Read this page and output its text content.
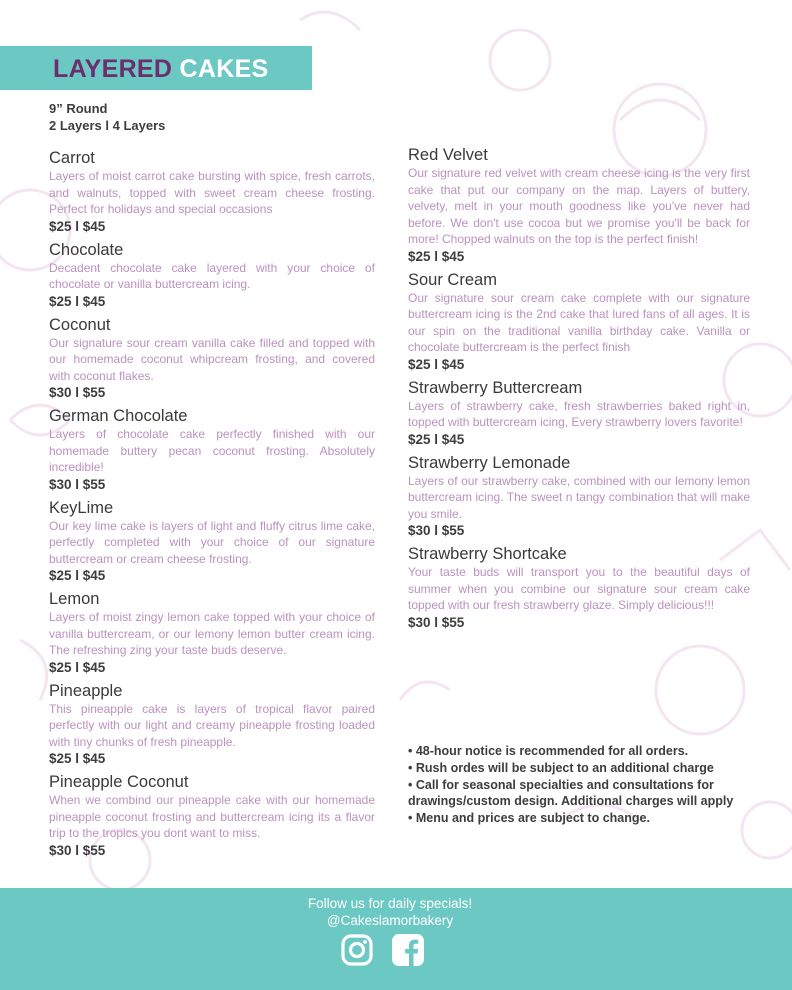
LAYERED CAKES
9” Round
2 Layers l 4 Layers
Carrot

Layers of moist carrot cake bursting with spice, fresh carrots, and walnuts, topped with sweet cream cheese frosting. Perfect for holidays and special occasions

$25 l $45

Chocolate

Decadent chocolate cake layered with your choice of chocolate or vanilla buttercream icing.

$25 l $45

Coconut

Our signature sour cream vanilla cake filled and topped with our homemade coconut whipcream frosting, and covered with coconut flakes.

$30 l $55

German Chocolate

Layers of chocolate cake perfectly finished with our homemade buttery pecan coconut frosting. Absolutely incredible!

$30 l $55

KeyLime

Our key lime cake is layers of light and fluffy citrus lime cake, perfectly completed with your choice of our signature buttercream or cream cheese frosting.

$25 l $45

Lemon

Layers of moist zingy lemon cake topped with your choice of vanilla buttercream, or our lemony lemon butter cream icing. The refreshing zing your taste buds deserve.

$25 l $45

Pineapple

This pineapple cake is layers of tropical flavor paired perfectly with our light and creamy pineapple frosting loaded with tiny chunks of fresh pineapple.

$25 l $45

Pineapple Coconut

When we combind our pineapple cake with our homemade pineapple coconut frosting and buttercream icing its a flavor trip to the tropics you dont want to miss.

$30 l $55

Red Velvet

Our signature red velvet with cream cheese icing is the very first cake that put our company on the map. Layers of buttery, velvety, melt in your mouth goodness like you've never had before. We don't use cocoa but we promise you'll be back for more! Chopped walnuts on the top is the perfect finish!

$25 l $45

Sour Cream

Our signature sour cream cake complete with our signature buttercream icing is the 2nd cake that lured fans of all ages. It is our spin on the traditional vanilla birthday cake. Vanilla or chocolate buttercream is the perfect finish

$25 l $45

Strawberry Buttercream

Layers of strawberry cake, fresh strawberries baked right in, topped with buttercream icing, Every strawberry lovers favorite!

$25 l $45

Strawberry Lemonade

Layers of our strawberry cake, combined with our lemony lemon buttercream icing. The sweet n tangy combination that will make you smile.

$30 l $55

Strawberry Shortcake

Your taste buds will transport you to the beautiful days of summer when you combine our signature sour cream cake topped with our fresh strawberry glaze. Simply delicious!!!

$30 l $55

• 48-hour notice is recommended for all orders.
• Rush ordes will be subject to an additional charge
• Call for seasonal specialties and consultations for drawings/custom design. Additional charges will apply
• Menu and prices are subject to change.
Follow us for daily specials!
@Cakeslamorbakery
